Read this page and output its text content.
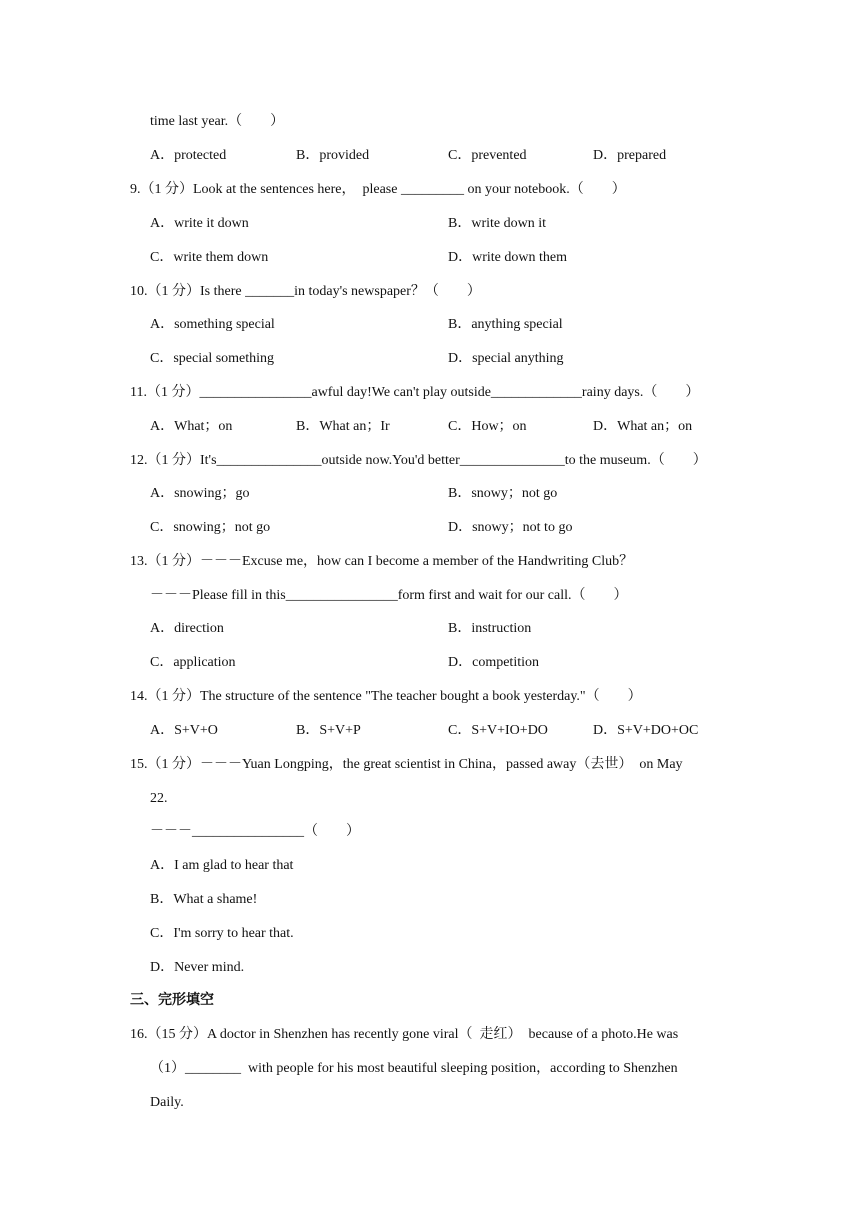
time last year.（　　）
A．protected	B．provided	C．prevented	D．prepared
9.（1 分）Look at the sentences here，  please _________ on your notebook.（　　）
A．write it down	B．write down it
C．write them down	D．write down them
10.（1 分）Is there _______in today's newspaper？（　　）
A．something special	B．anything special
C．special something	D．special anything
11.（1 分）________________awful day!We can't play outside_____________rainy days.（　　）
A．What；on	B．What an；Ir	C．How；on	D．What an；on
12.（1 分）It's_______________outside now.You'd better_______________to the museum.（　　）
A．snowing；go	B．snowy；not go
C．snowing；not go	D．snowy；not to go
13.（1 分）－－－Excuse me，how can I become a member of the Handwriting Club？
－－－Please fill in this________________form first and wait for our call.（　　）
A．direction	B．instruction
C．application	D．competition
14.（1 分）The structure of the sentence "The teacher bought a book yesterday."（　　）
A．S+V+O	B．S+V+P	C．S+V+IO+DO	D．S+V+DO+OC
15.（1 分）－－－Yuan Longping，the great scientist in China，passed away（去世）  on May
22.
－－－________________（　　）
A．I am glad to hear that
B．What a shame!
C．I'm sorry to hear that.
D．Never mind.
三、完形填空
16.（15 分）A doctor in Shenzhen has recently gone viral（  走红）  because of a photo.He was
（1）________  with people for his most beautiful sleeping position，according to Shenzhen
Daily.
